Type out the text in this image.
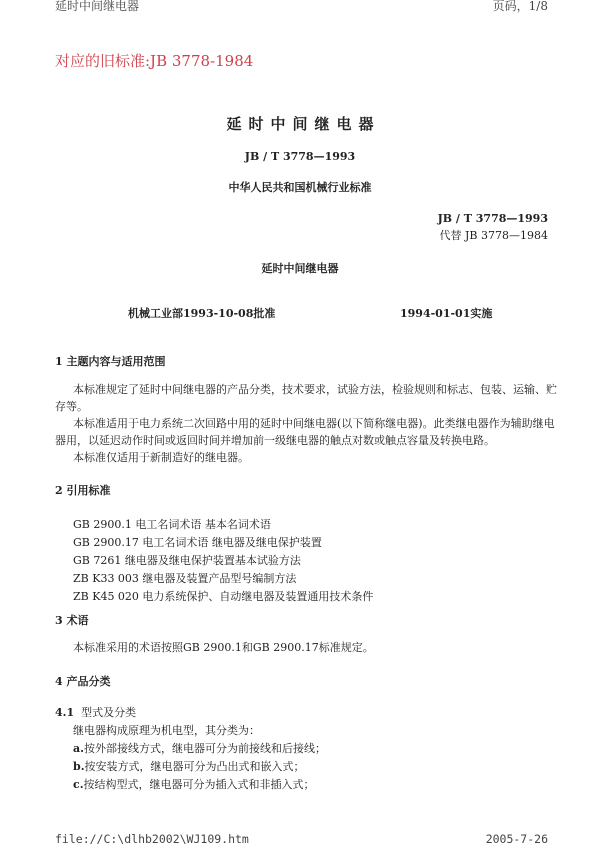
延时中间继电器	页码，1/8
对应的旧标准:JB 3778-1984
延时中间继电器
JB / T 3778—1993
中华人民共和国机械行业标准
JB / T 3778—1993
代替 JB 3778—1984
延时中间继电器
机械工业部1993-10-08批准	1994-01-01实施
1 主题内容与适用范围
本标准规定了延时中间继电器的产品分类，技术要求，试验方法，检验规则和标志、包装、运输、贮
存等。
本标准适用于电力系统二次回路中用的延时中间继电器(以下简称继电器)。此类继电器作为辅助继电
器用，以延迟动作时间或返回时间并增加前一级继电器的触点对数或触点容量及转换电路。
本标准仅适用于新制造好的继电器。
2 引用标准
GB 2900.1 电工名词术语 基本名词术语
GB 2900.17 电工名词术语 继电器及继电保护装置
GB 7261 继电器及继电保护装置基本试验方法
ZB K33 003 继电器及装置产品型号编制方法
ZB K45 020 电力系统保护、自动继电器及装置通用技术条件
3 术语
本标准采用的术语按照GB 2900.1和GB 2900.17标准规定。
4 产品分类
4.1 型式及分类
继电器构成原理为机电型，其分类为：
a.按外部接线方式，继电器可分为前接线和后接线；
b.按安装方式，继电器可分为凸出式和嵌入式；
c.按结构型式，继电器可分为插入式和非插入式；
file://C:\dlhb2002\WJ109.htm	2005-7-26
